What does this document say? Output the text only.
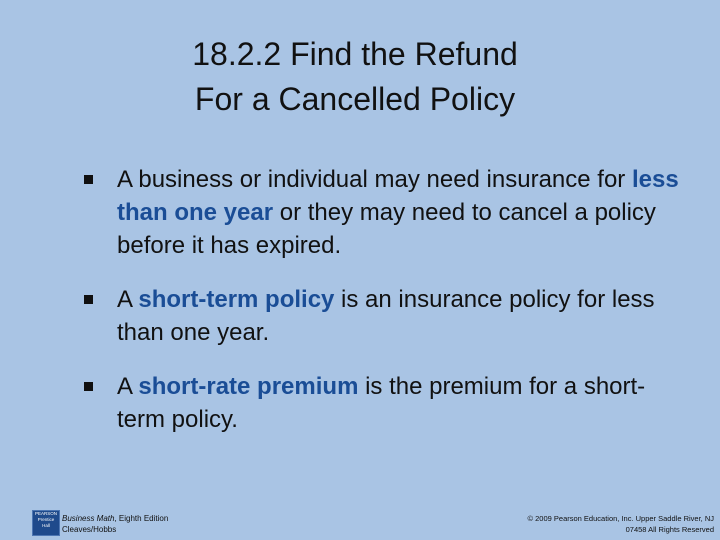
18.2.2 Find the Refund
For a Cancelled Policy
A business or individual may need insurance for less than one year or they may need to cancel a policy before it has expired.
A short-term policy is an insurance policy for less than one year.
A short-rate premium is the premium for a short-term policy.
PEARSON
Prentice
Hall
Business Math, Eighth Edition
Cleaves/Hobbs
© 2009 Pearson Education, Inc. Upper Saddle River, NJ
07458 All Rights Reserved
